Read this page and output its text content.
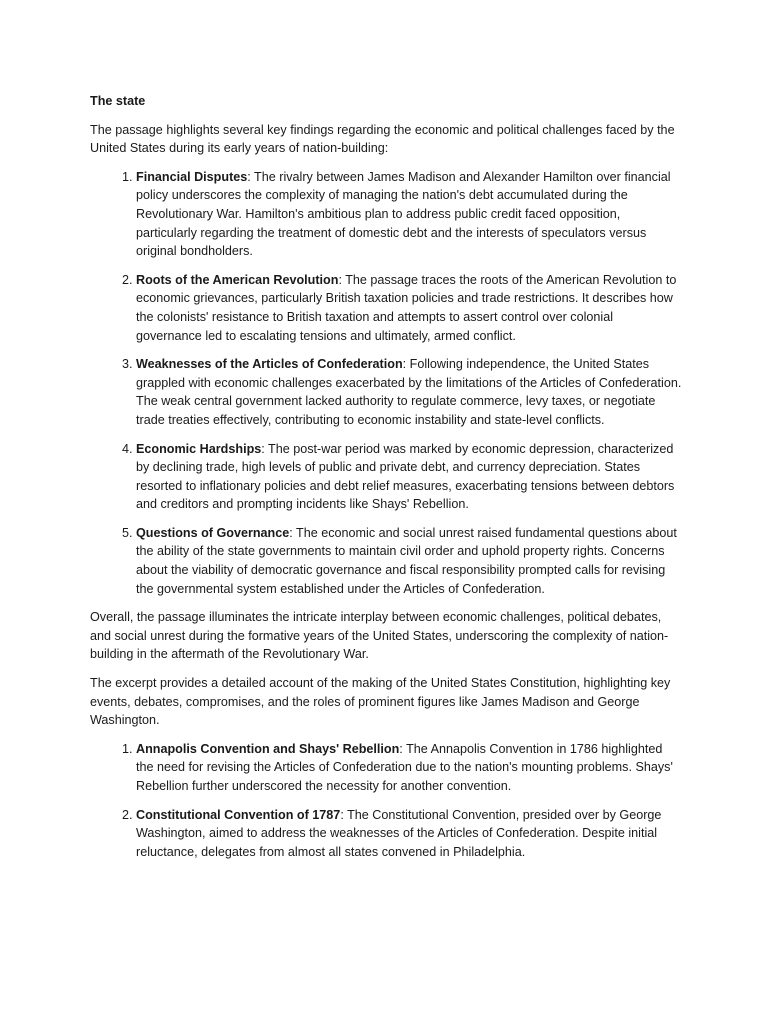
The state

The passage highlights several key findings regarding the economic and political challenges faced by the United States during its early years of nation-building:

1. Financial Disputes: The rivalry between James Madison and Alexander Hamilton over financial policy underscores the complexity of managing the nation's debt accumulated during the Revolutionary War. Hamilton's ambitious plan to address public credit faced opposition, particularly regarding the treatment of domestic debt and the interests of speculators versus original bondholders.
2. Roots of the American Revolution: The passage traces the roots of the American Revolution to economic grievances, particularly British taxation policies and trade restrictions. It describes how the colonists' resistance to British taxation and attempts to assert control over colonial governance led to escalating tensions and ultimately, armed conflict.
3. Weaknesses of the Articles of Confederation: Following independence, the United States grappled with economic challenges exacerbated by the limitations of the Articles of Confederation. The weak central government lacked authority to regulate commerce, levy taxes, or negotiate trade treaties effectively, contributing to economic instability and state-level conflicts.
4. Economic Hardships: The post-war period was marked by economic depression, characterized by declining trade, high levels of public and private debt, and currency depreciation. States resorted to inflationary policies and debt relief measures, exacerbating tensions between debtors and creditors and prompting incidents like Shays' Rebellion.
5. Questions of Governance: The economic and social unrest raised fundamental questions about the ability of the state governments to maintain civil order and uphold property rights. Concerns about the viability of democratic governance and fiscal responsibility prompted calls for revising the governmental system established under the Articles of Confederation.

Overall, the passage illuminates the intricate interplay between economic challenges, political debates, and social unrest during the formative years of the United States, underscoring the complexity of nation-building in the aftermath of the Revolutionary War.

The excerpt provides a detailed account of the making of the United States Constitution, highlighting key events, debates, compromises, and the roles of prominent figures like James Madison and George Washington.

1. Annapolis Convention and Shays' Rebellion: The Annapolis Convention in 1786 highlighted the need for revising the Articles of Confederation due to the nation's mounting problems. Shays' Rebellion further underscored the necessity for another convention.
2. Constitutional Convention of 1787: The Constitutional Convention, presided over by George Washington, aimed to address the weaknesses of the Articles of Confederation. Despite initial reluctance, delegates from almost all states convened in Philadelphia.
